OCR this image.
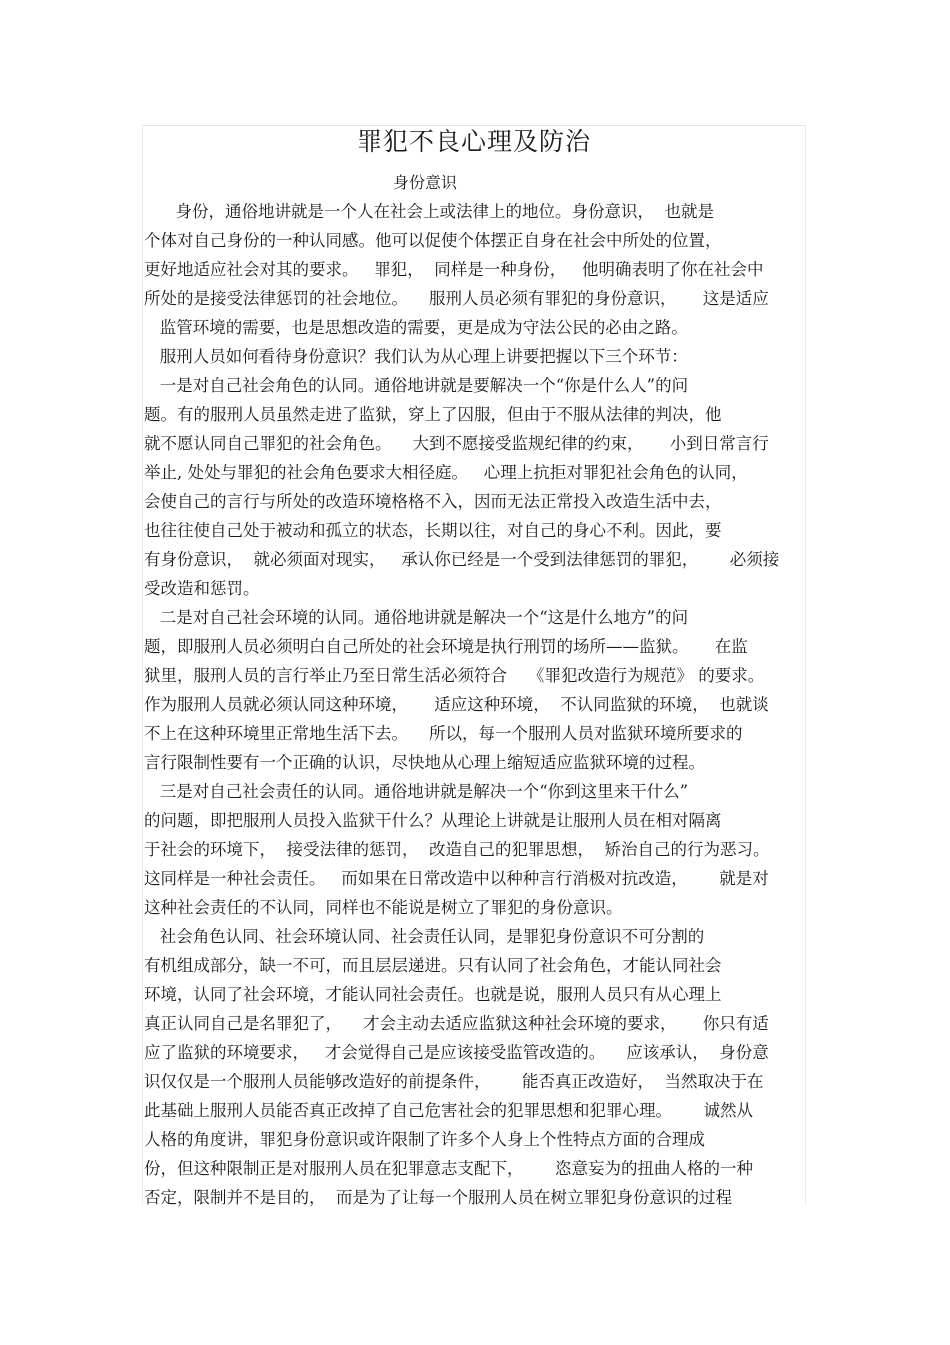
罪犯不良心理及防治
身份意识

身份，通俗地讲就是一个人在社会上或法律上的地位。身份意识，  也就是

个体对自己身份的一种认同感。他可以促使个体摆正自身在社会中所处的位置，

更好地适应社会对其的要求。   罪犯，  同样是一种身份，   他明确表明了你在社会中

所处的是接受法律惩罚的社会地位。    服刑人员必须有罪犯的身份意识，     这是适应

监管环境的需要，也是思想改造的需要，更是成为守法公民的必由之路。

服刑人员如何看待身份意识？我们认为从心理上讲要把握以下三个环节：

一是对自己社会角色的认同。通俗地讲就是要解决一个“你是什么人”的问

题。有的服刑人员虽然走进了监狱，穿上了囚服，但由于不服从法律的判决，他

就不愿认同自己罪犯的社会角色。    大到不愿接受监规纪律的约束，     小到日常言行

举止, 处处与罪犯的社会角色要求大相径庭。   心理上抗拒对罪犯社会角色的认同，

会使自己的言行与所处的改造环境格格不入，因而无法正常投入改造生活中去，

也往往使自己处于被动和孤立的状态，长期以往，对自己的身心不利。因此，要

有身份意识，  就必须面对现实，   承认你已经是一个受到法律惩罚的罪犯，      必须接

受改造和惩罚。

二是对自己社会环境的认同。通俗地讲就是解决一个“这是什么地方”的问

题，即服刑人员必须明白自己所处的社会环境是执行刑罚的场所——监狱。     在监

狱里，服刑人员的言行举止乃至日常生活必须符合    《罪犯改造行为规范》 的要求。

作为服刑人员就必须认同这种环境，     适应这种环境，  不认同监狱的环境，  也就谈

不上在这种环境里正常地生活下去。    所以，每一个服刑人员对监狱环境所要求的

言行限制性要有一个正确的认识，尽快地从心理上缩短适应监狱环境的过程。

三是对自己社会责任的认同。通俗地讲就是解决一个“你到这里来干什么”

的问题，即把服刑人员投入监狱干什么？从理论上讲就是让服刑人员在相对隔离

于社会的环境下，  接受法律的惩罚，  改造自己的犯罪思想，  矫治自己的行为恶习。

这同样是一种社会责任。   而如果在日常改造中以种种言行消极对抗改造，      就是对

这种社会责任的不认同，同样也不能说是树立了罪犯的身份意识。

社会角色认同、社会环境认同、社会责任认同，是罪犯身份意识不可分割的

有机组成部分，缺一不可，而且层层递进。只有认同了社会角色，才能认同社会

环境，认同了社会环境，才能认同社会责任。也就是说，服刑人员只有从心理上

真正认同自己是名罪犯了，    才会主动去适应监狱这种社会环境的要求，     你只有适

应了监狱的环境要求，   才会觉得自己是应该接受监管改造的。    应该承认，  身份意

识仅仅是一个服刑人员能够改造好的前提条件，      能否真正改造好，  当然取决于在

此基础上服刑人员能否真正改掉了自己危害社会的犯罪思想和犯罪心理。      诚然从

人格的角度讲，罪犯身份意识或许限制了许多个人身上个性特点方面的合理成

份，但这种限制正是对服刑人员在犯罪意志支配下，      恣意妄为的扭曲人格的一种

否定，限制并不是目的，  而是为了让每一个服刑人员在树立罪犯身份意识的过程
